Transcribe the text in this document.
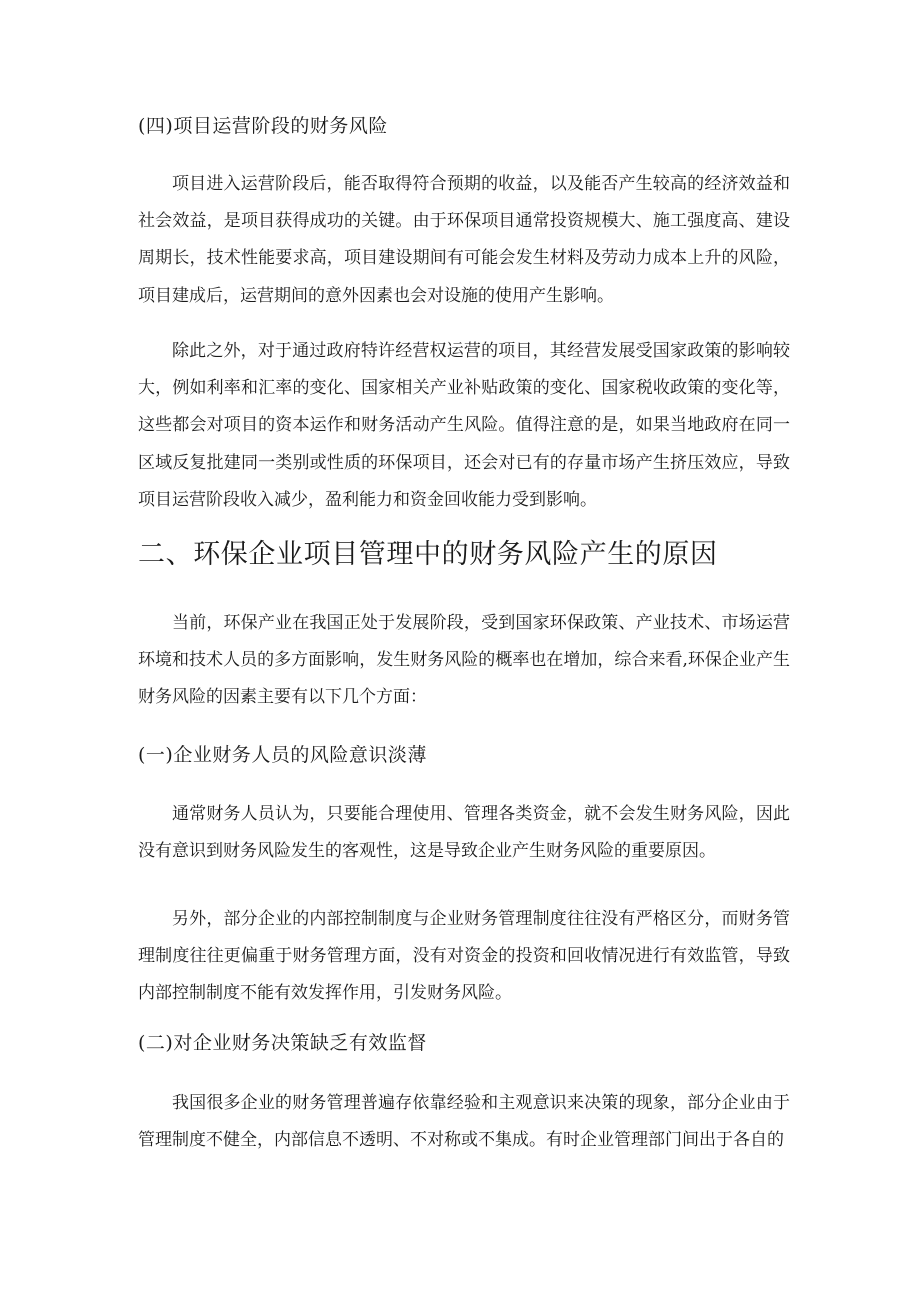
(四)项目运营阶段的财务风险

项目进入运营阶段后，能否取得符合预期的收益，以及能否产生较高的经济效益和社会效益，是项目获得成功的关键。由于环保项目通常投资规模大、施工强度高、建设周期长，技术性能要求高，项目建设期间有可能会发生材料及劳动力成本上升的风险，项目建成后，运营期间的意外因素也会对设施的使用产生影响。

除此之外，对于通过政府特许经营权运营的项目，其经营发展受国家政策的影响较大，例如利率和汇率的变化、国家相关产业补贴政策的变化、国家税收政策的变化等，这些都会对项目的资本运作和财务活动产生风险。值得注意的是，如果当地政府在同一区域反复批建同一类别或性质的环保项目，还会对已有的存量市场产生挤压效应，导致项目运营阶段收入减少，盈利能力和资金回收能力受到影响。

二、环保企业项目管理中的财务风险产生的原因

当前，环保产业在我国正处于发展阶段，受到国家环保政策、产业技术、市场运营环境和技术人员的多方面影响，发生财务风险的概率也在增加，综合来看,环保企业产生财务风险的因素主要有以下几个方面：

(一)企业财务人员的风险意识淡薄

通常财务人员认为，只要能合理使用、管理各类资金，就不会发生财务风险，因此没有意识到财务风险发生的客观性，这是导致企业产生财务风险的重要原因。

另外，部分企业的内部控制制度与企业财务管理制度往往没有严格区分，而财务管理制度往往更偏重于财务管理方面，没有对资金的投资和回收情况进行有效监管，导致内部控制制度不能有效发挥作用，引发财务风险。

(二)对企业财务决策缺乏有效监督

我国很多企业的财务管理普遍存依靠经验和主观意识来决策的现象，部分企业由于管理制度不健全，内部信息不透明、不对称或不集成。有时企业管理部门间出于各自的
